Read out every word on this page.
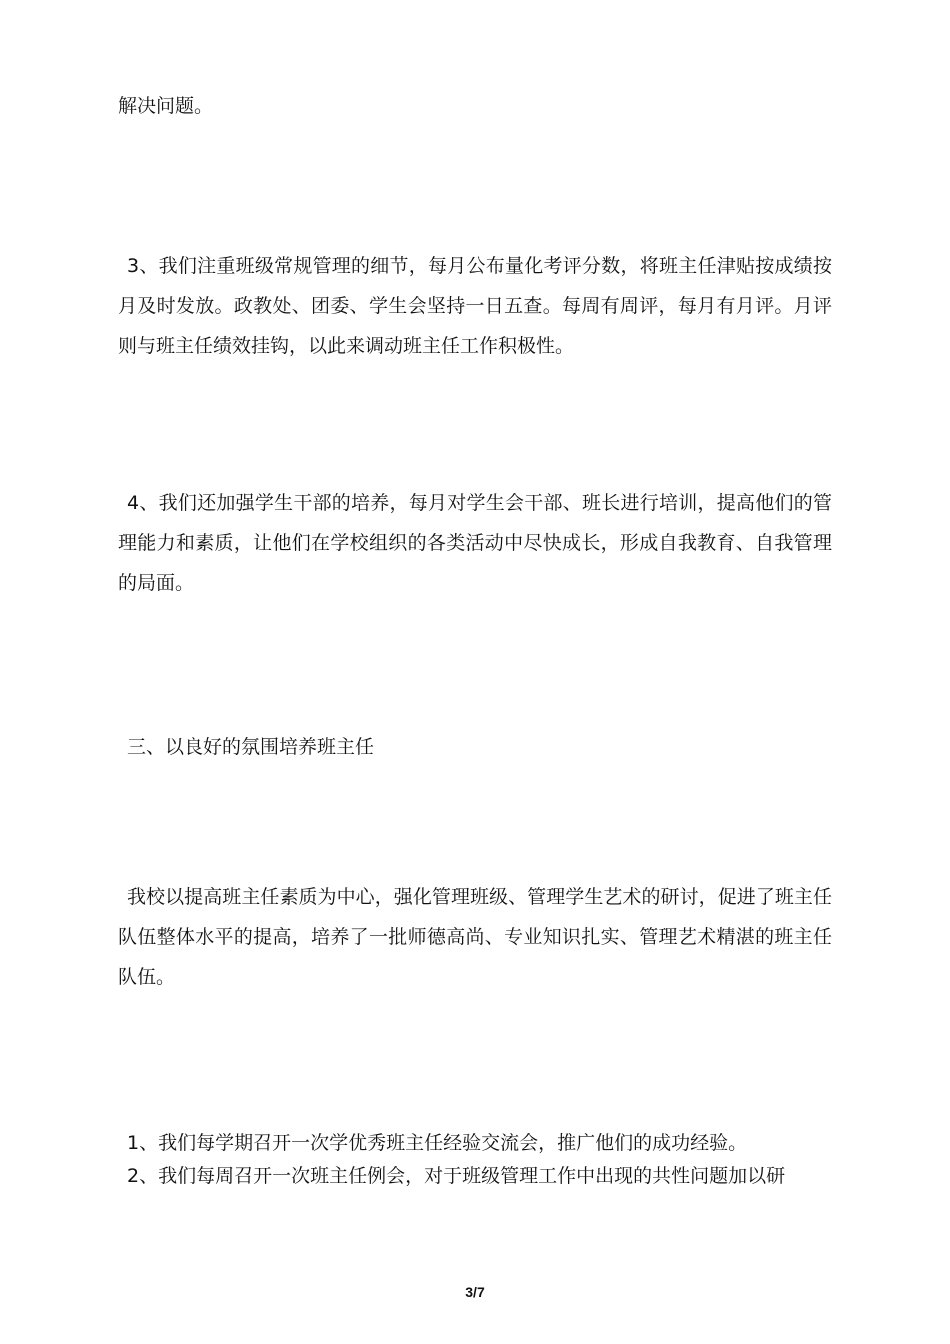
解决问题。

3、我们注重班级常规管理的细节，每月公布量化考评分数，将班主任津贴按成绩按月及时发放。政教处、团委、学生会坚持一日五查。每周有周评，每月有月评。月评则与班主任绩效挂钩，以此来调动班主任工作积极性。

4、我们还加强学生干部的培养，每月对学生会干部、班长进行培训，提高他们的管理能力和素质，让他们在学校组织的各类活动中尽快成长，形成自我教育、自我管理的局面。

三、以良好的氛围培养班主任

我校以提高班主任素质为中心，强化管理班级、管理学生艺术的研讨，促进了班主任队伍整体水平的提高，培养了一批师德高尚、专业知识扎实、管理艺术精湛的班主任队伍。

1、我们每学期召开一次学优秀班主任经验交流会，推广他们的成功经验。

2、我们每周召开一次班主任例会，对于班级管理工作中出现的共性问题加以研

3/7
